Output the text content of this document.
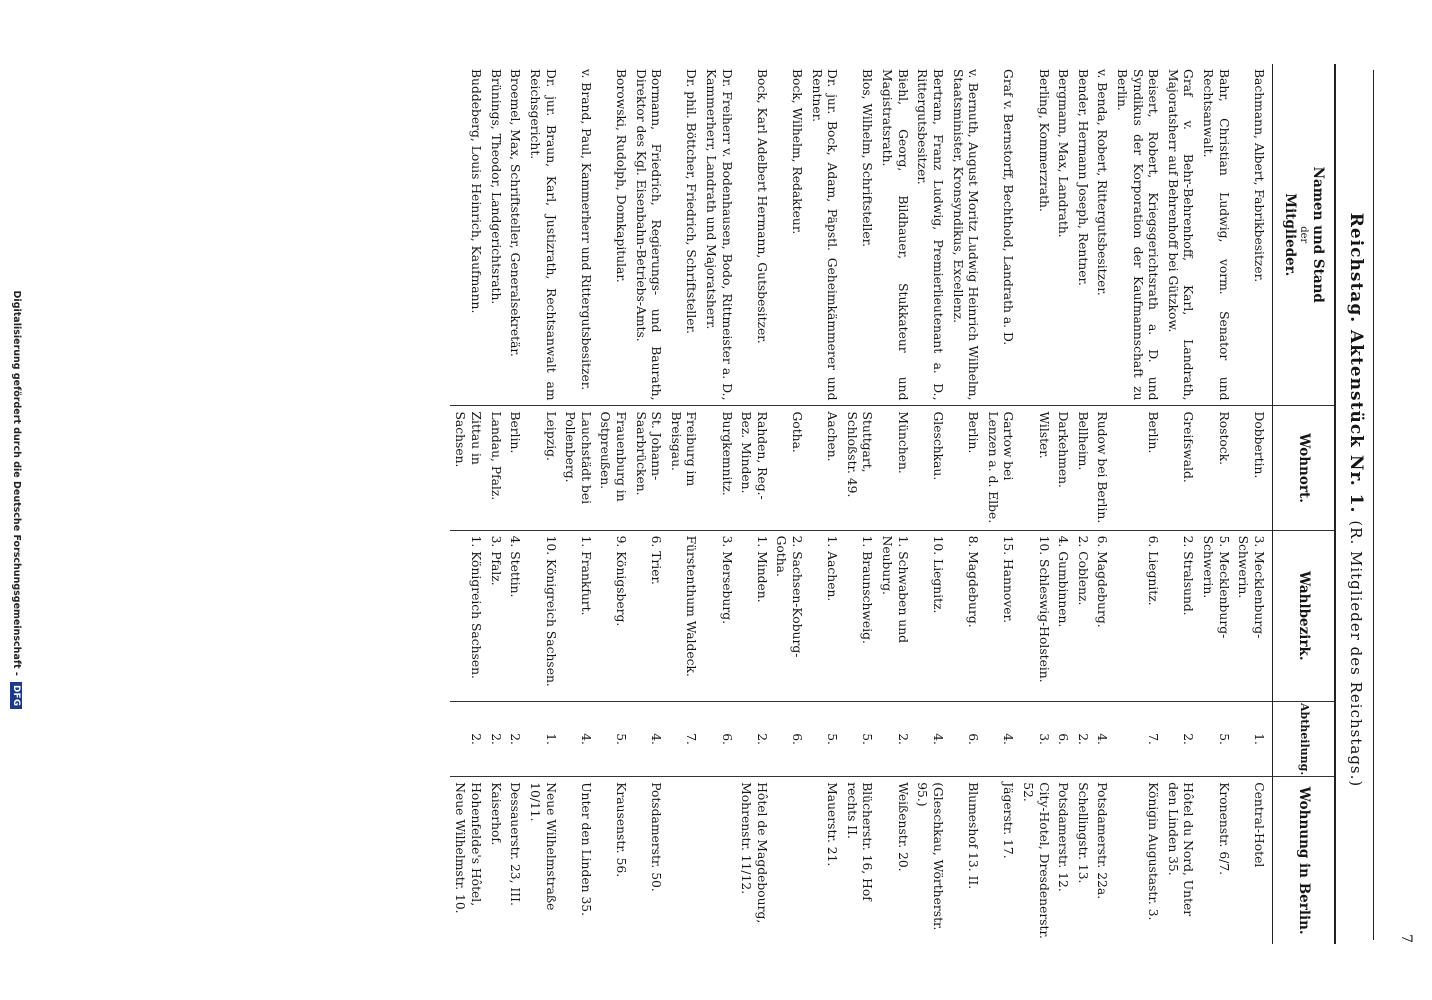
7
Reichstag. Aktenstück Nr. 1. (R. Mitglieder des Reichstags.)
Namen und Stand
der
Mitglieder.	Wohnort.	Wahlbezirk.	Abtheilung.	Wohnung in Berlin.
Bachmann, Albert, Fabrikbesitzer.	Dobbertin.	3. Mecklenburg-Schwerin.	1.	Central-Hotel
Bahr, Christian Ludwig, vorm. Senator und Rechtsanwalt.	Rostock.	5. Mecklenburg-Schwerin.	5.	Kronenstr. 6/7.
Graf v. Behr-Behrenhoff, Karl, Landrath, Majoratsherr auf Behrenhoff bei Gützkow.	Greifswald.	2. Stralsund.	2.	Hôtel du Nord, Unter den Linden 35.
Beisert, Robert, Kriegsgerichtsrath a. D. und Syndikus der Korporation der Kaufmannschaft zu Berlin.	Berlin.	6. Liegnitz.	7.	Königin Augustastr. 3.
v. Benda, Robert, Rittergutsbesitzer.	Rudow bei Berlin.	6. Magdeburg.	4.	Potsdamerstr. 22a.
Bender, Hermann Joseph, Rentner.	Bellheim.	2. Coblenz.	2.	Schellingstr. 13.
Bergmann, Max, Landrath.	Darkehmen.	4. Gumbinnen.	6.	Potsdamerstr. 12.
Berling, Kommerzrath.	Wilster.	10. Schleswig-Holstein.	3.	City-Hotel, Dresdenerstr. 52.
Graf v. Bernstorff, Bechthold, Landrath a. D.	Gartow bei Lenzen a. d. Elbe.	15. Hannover.	4.	Jägerstr. 17.
v. Bernuth, August Moritz Ludwig Heinrich Wilhelm, Staatsminister, Kronsyndikus, Excellenz.	Berlin.	8. Magdeburg.	6.	Blumeshof 13. II.
Bertram, Franz Ludwig, Premierlieutenant a. D., Rittergutsbesitzer.	Gleschkau.	10. Liegnitz.	4.	(Gleschkau, Wörtherstr. 95.)
Biehl, Georg, Bildhauer, Stukkateur und Magistratsrath.	München.	1. Schwaben und Neuburg.	2.	Weißenstr. 20.
Blos, Wilhelm, Schriftsteller.	Stuttgart, Schloßstr. 49.	1. Braunschweig.	5.	Blücherstr. 16, Hof rechts II.
Dr. jur. Bock, Adam, Päpstl. Geheimkämmerer und Rentner.	Aachen.	1. Aachen.	5.	Mauerstr. 21.
Bock, Wilhelm, Redakteur.	Gotha.	2. Sachsen-Koburg-Gotha.	6.	
Bock, Karl Adelbert Hermann, Gutsbesitzer.	Rahden, Reg.-Bez. Minden.	1. Minden.	2.	Hôtel de Magdebourg, Mohrenstr. 11/12.
Dr. Freiherr v. Bodenhausen, Bodo, Rittmeister a. D., Kammerherr, Landrath und Majoratsherr.	Burgkemnitz.	3. Merseburg.	6.	
Dr. phil. Böttcher, Friedrich, Schriftsteller.	Freiburg im Breisgau.	Fürstenthum Waldeck.	7.	
Bormann, Friedrich, Regierungs- und Baurath, Direktor des Kgl. Eisenbahn-Betriebs-Amts.	St. Johann-Saarbrücken.	6. Trier.	4.	Potsdamerstr. 50.
Borowski, Rudolph, Domkapitular.	Frauenburg in Ostpreußen.	9. Königsberg.	5.	Krausenstr. 56.
v. Brand, Paul, Kammerherr und Rittergutsbesitzer.	Lauchstädt bei Pollenberg.	1. Frankfurt.	4.	Unter den Linden 35.
Dr. jur. Braun, Karl, Justizrath, Rechtsanwalt am Reichsgericht.	Leipzig.	10. Königreich Sachsen.	1.	Neue Wilhelmstraße 10/11.
Broemel, Max, Schriftsteller, Generalsekretär.	Berlin.	4. Stettin.	2.	Dessauerstr. 23, III.
Brünings, Theodor, Landgerichtsrath.	Landau, Pfalz.	3. Pfalz.	2.	Kaiserhof.
Buddeberg, Louis Heinrich, Kaufmann.	Zittau in Sachsen.	1. Königreich Sachsen.	2.	Hohenfelde's Hôtel, Neue Wilhelmstr. 10.
Digitalisierung gefördert durch die Deutsche Forschungsgemeinschaft - DFG
